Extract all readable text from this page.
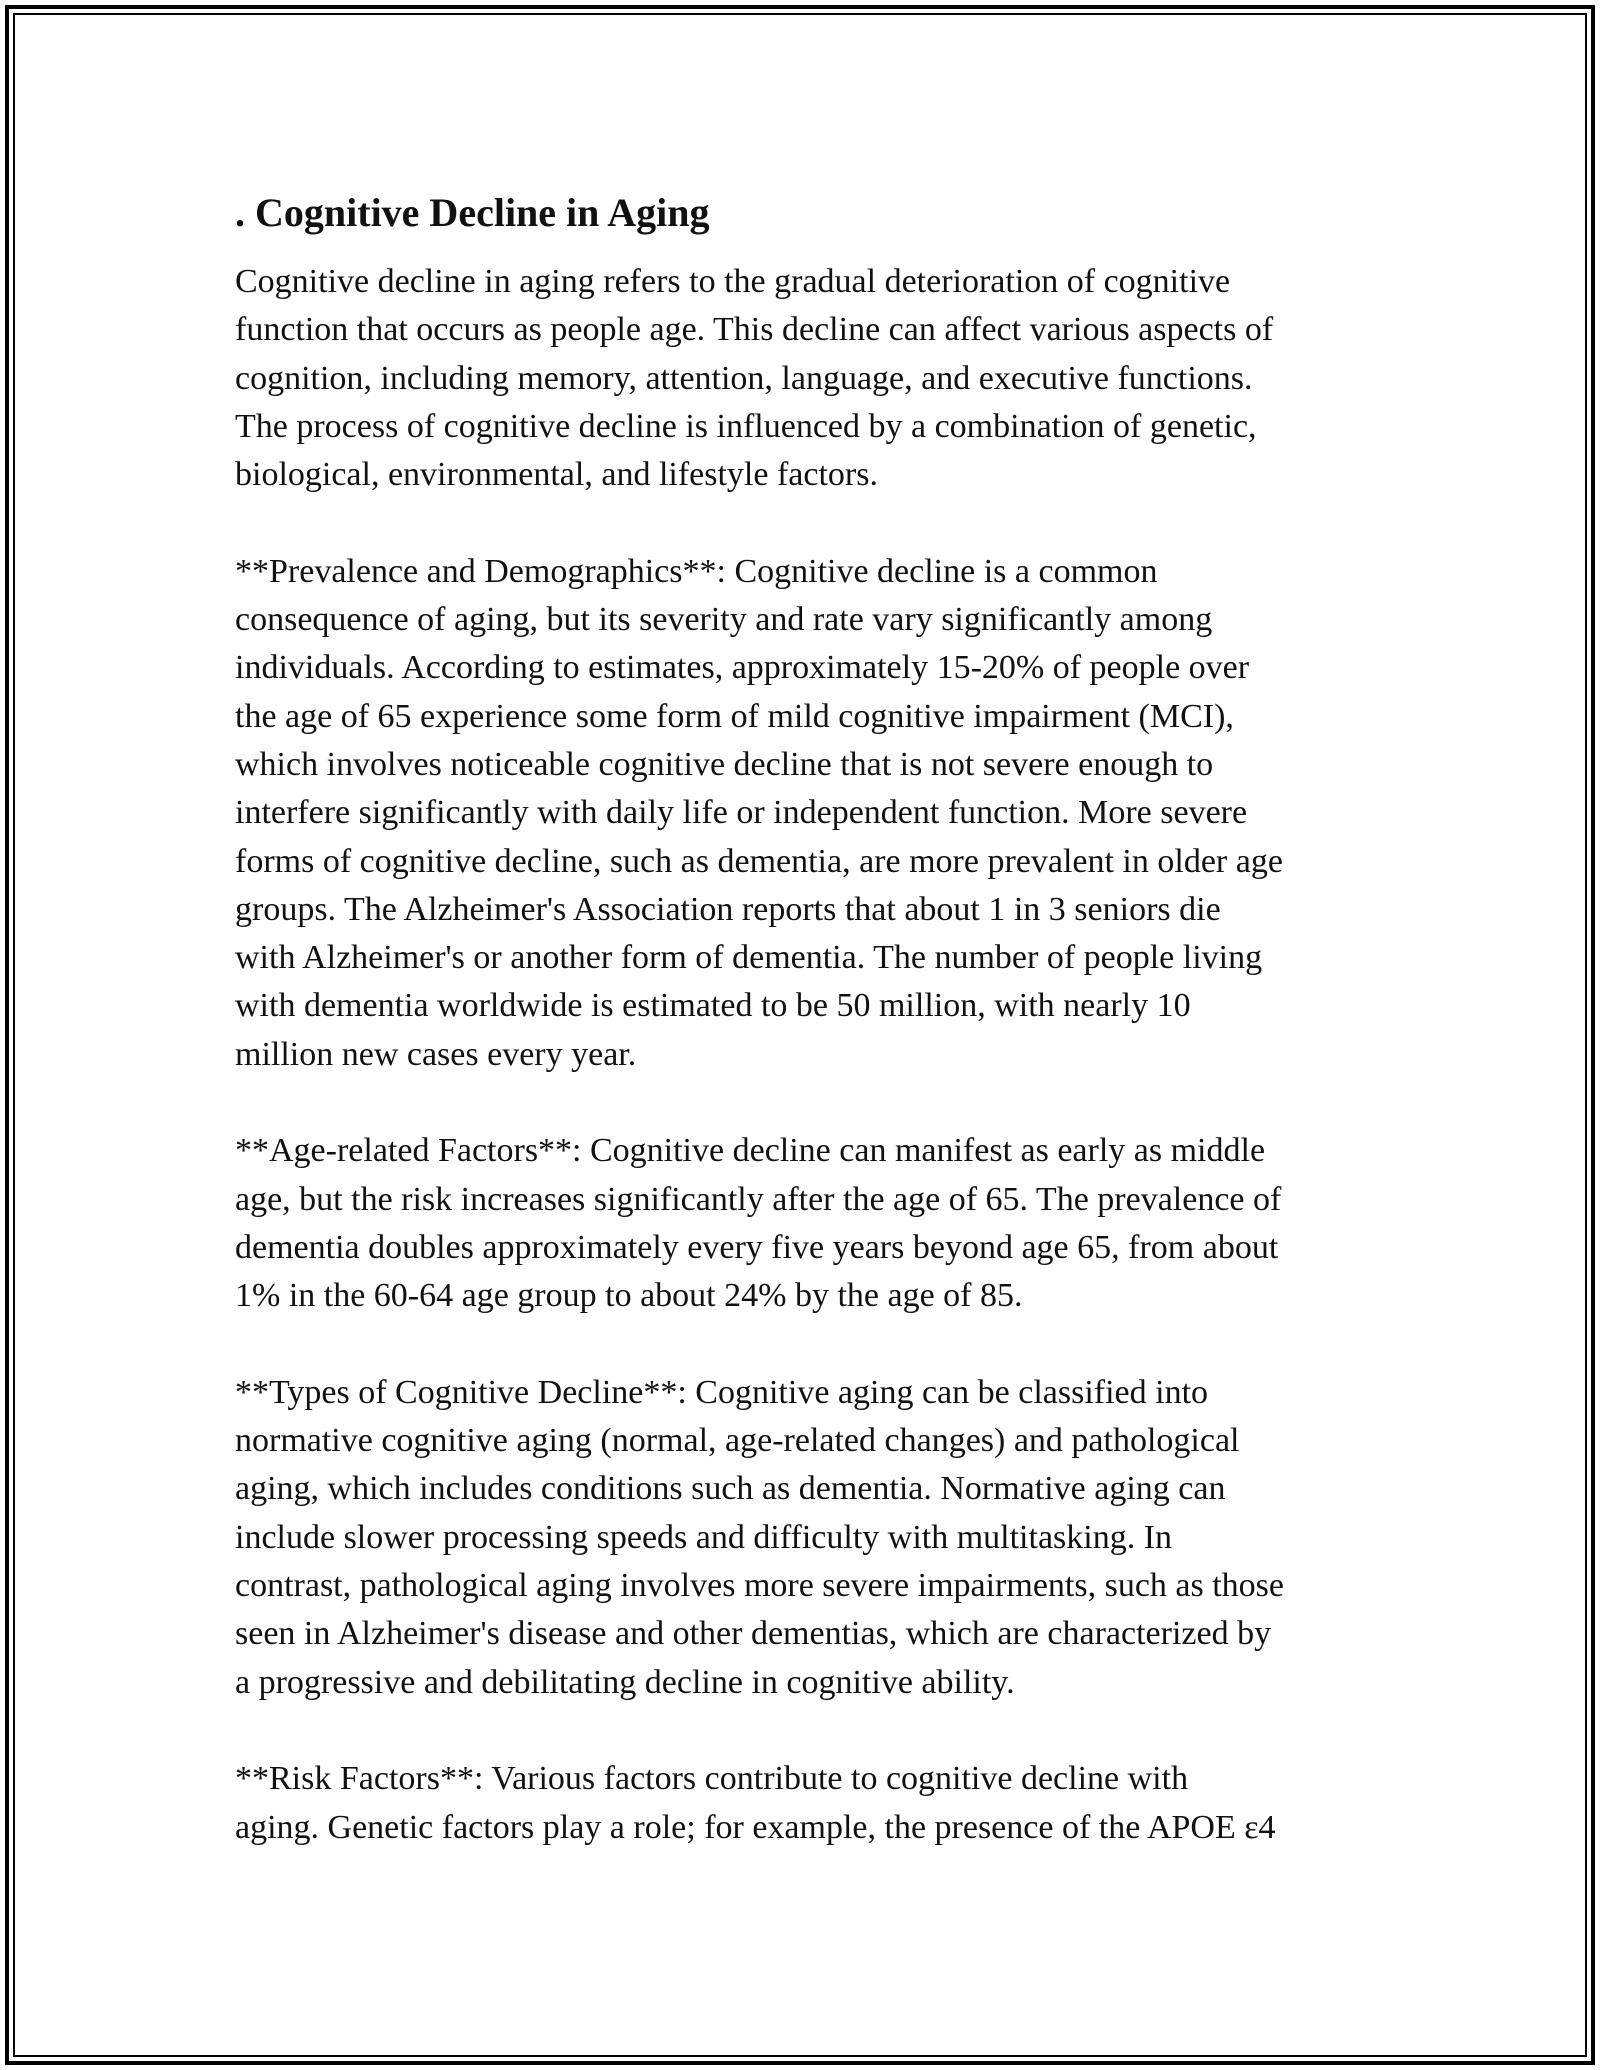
. Cognitive Decline in Aging
Cognitive decline in aging refers to the gradual deterioration of cognitive
function that occurs as people age. This decline can affect various aspects of
cognition, including memory, attention, language, and executive functions.
The process of cognitive decline is influenced by a combination of genetic,
biological, environmental, and lifestyle factors.
**Prevalence and Demographics**: Cognitive decline is a common
consequence of aging, but its severity and rate vary significantly among
individuals. According to estimates, approximately 15-20% of people over
the age of 65 experience some form of mild cognitive impairment (MCI),
which involves noticeable cognitive decline that is not severe enough to
interfere significantly with daily life or independent function. More severe
forms of cognitive decline, such as dementia, are more prevalent in older age
groups. The Alzheimer's Association reports that about 1 in 3 seniors die
with Alzheimer's or another form of dementia. The number of people living
with dementia worldwide is estimated to be 50 million, with nearly 10
million new cases every year.
**Age-related Factors**: Cognitive decline can manifest as early as middle
age, but the risk increases significantly after the age of 65. The prevalence of
dementia doubles approximately every five years beyond age 65, from about
1% in the 60-64 age group to about 24% by the age of 85.
**Types of Cognitive Decline**: Cognitive aging can be classified into
normative cognitive aging (normal, age-related changes) and pathological
aging, which includes conditions such as dementia. Normative aging can
include slower processing speeds and difficulty with multitasking. In
contrast, pathological aging involves more severe impairments, such as those
seen in Alzheimer's disease and other dementias, which are characterized by
a progressive and debilitating decline in cognitive ability.
**Risk Factors**: Various factors contribute to cognitive decline with
aging. Genetic factors play a role; for example, the presence of the APOE ε4
